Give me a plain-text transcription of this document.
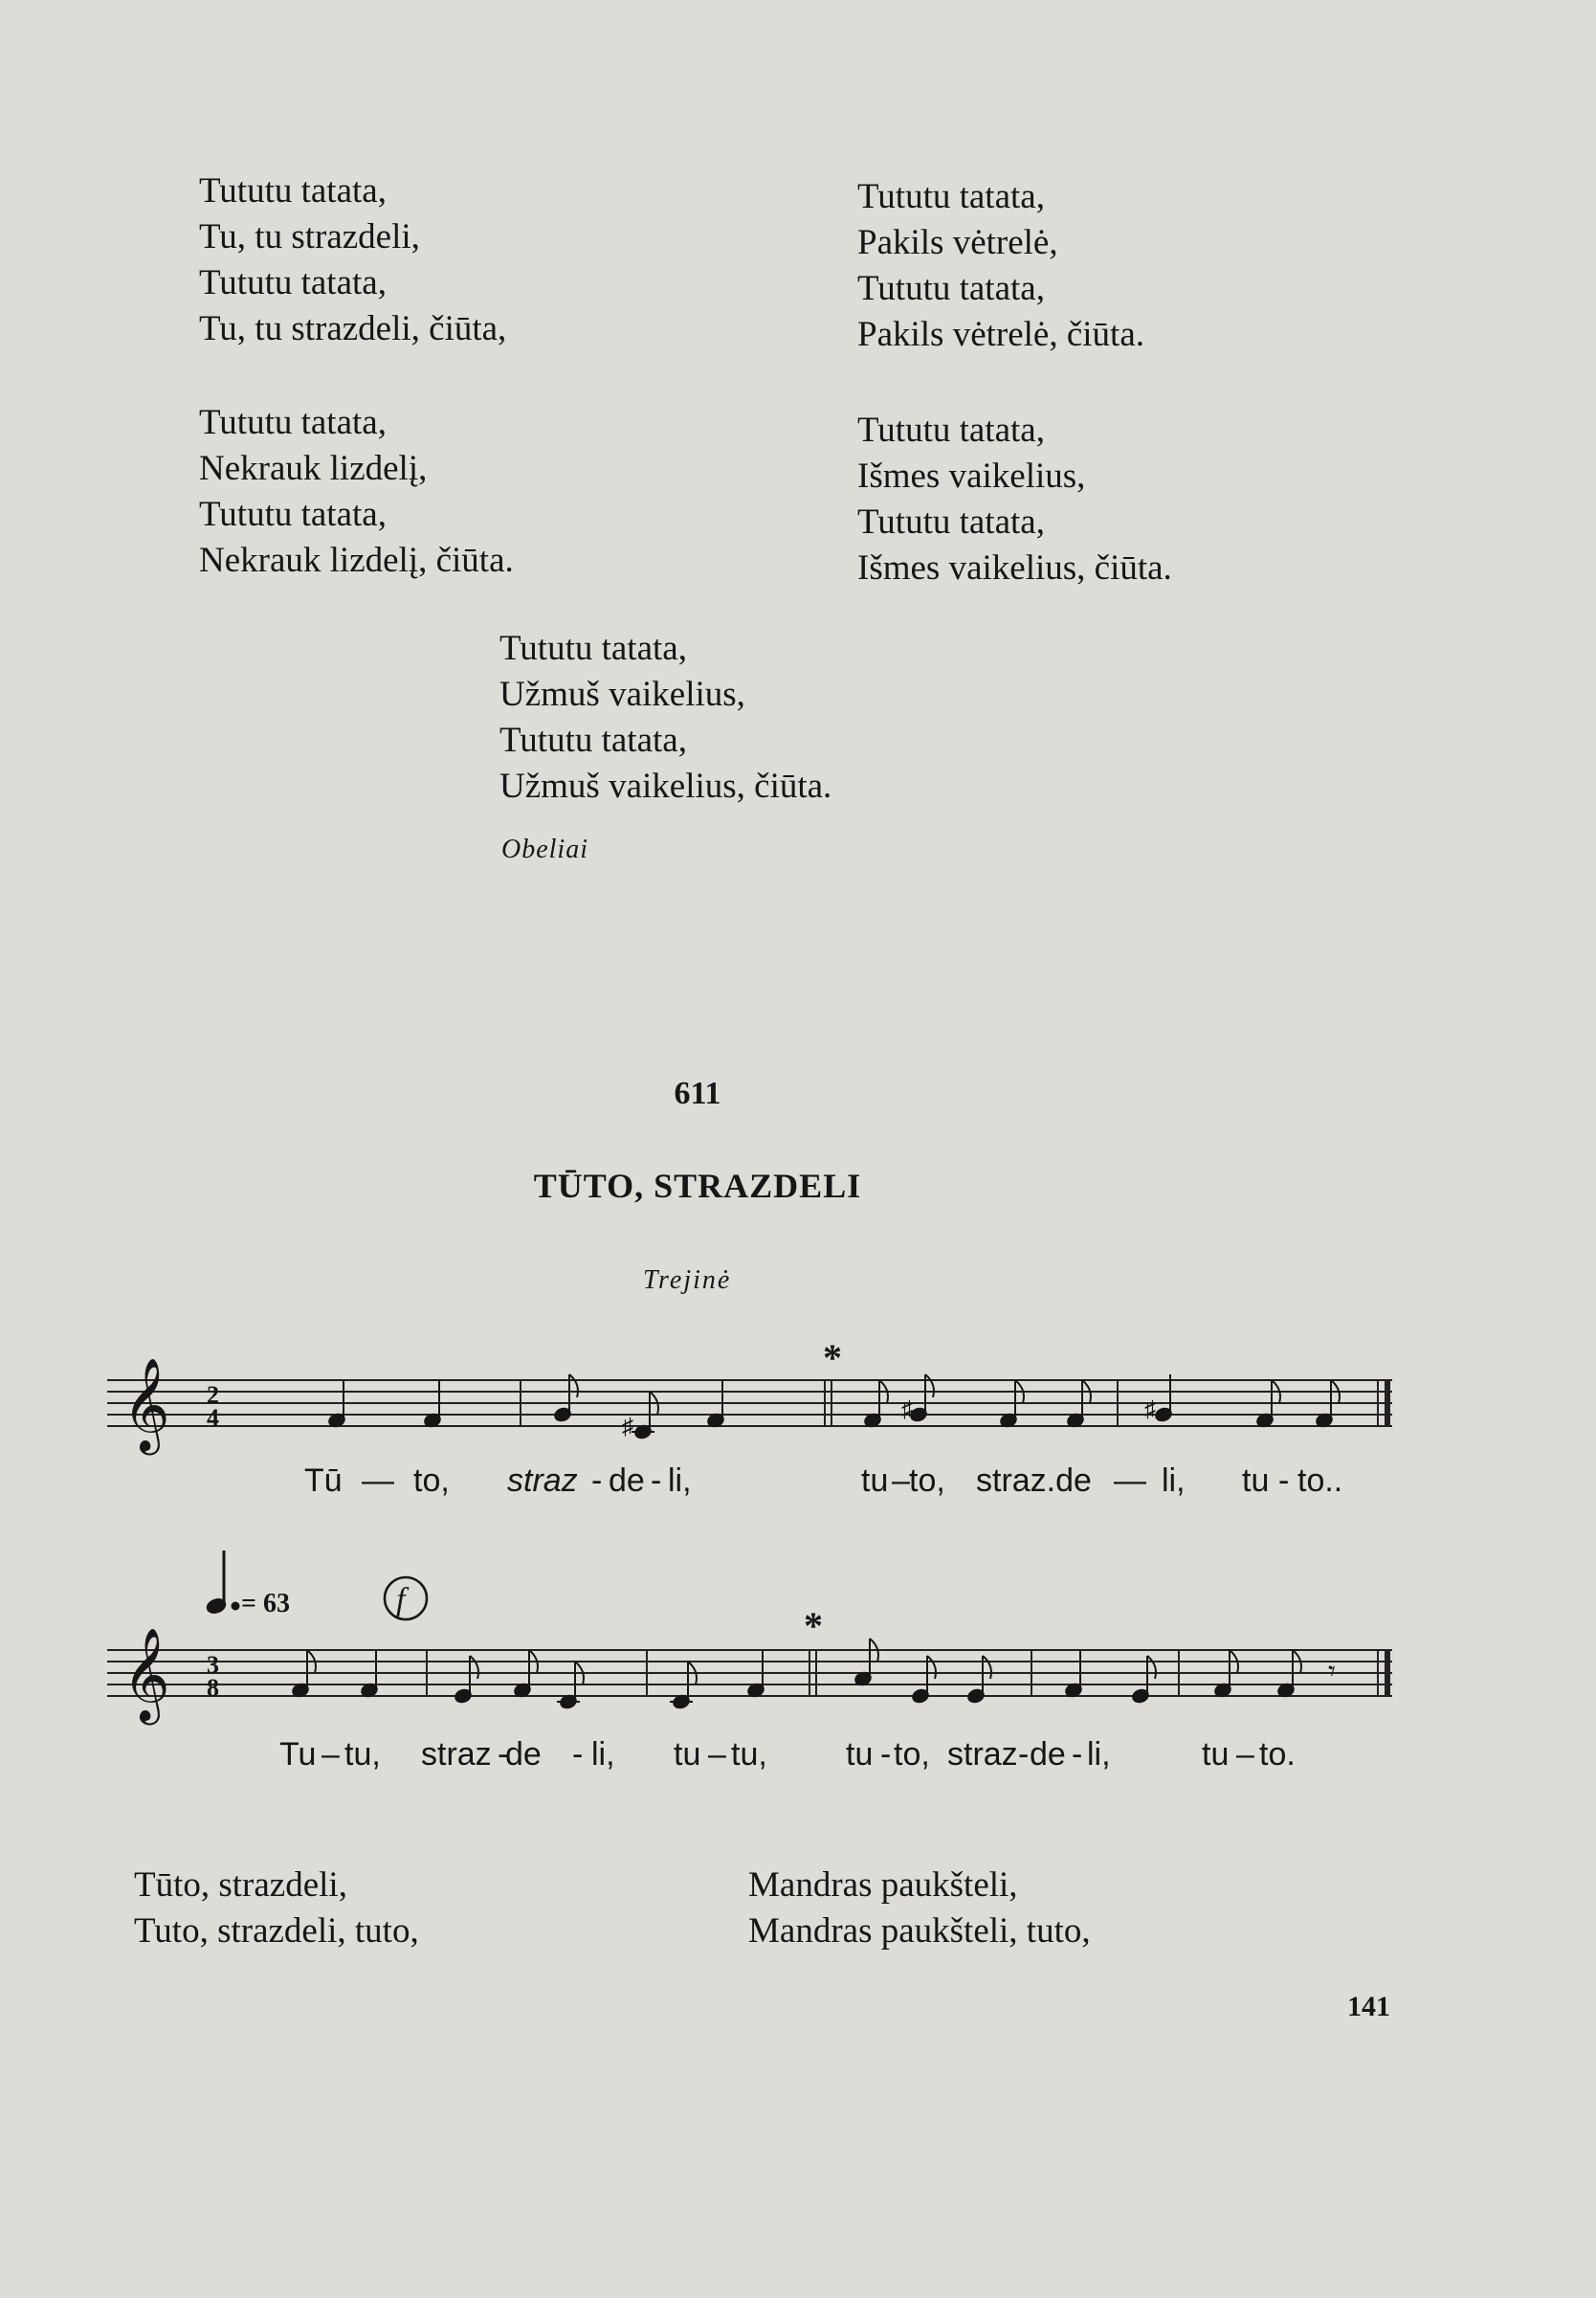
Tututu tatata,
Tu, tu strazdeli,
Tututu tatata,
Tu, tu strazdeli, čiūta,
Tututu tatata,
Pakils vėtrelė,
Tututu tatata,
Pakils vėtrelė, čiūta.
Tututu tatata,
Nekrauk lizdelį,
Tututu tatata,
Nekrauk lizdelį, čiūta.
Tututu tatata,
Išmes vaikelius,
Tututu tatata,
Išmes vaikelius, čiūta.
Tututu tatata,
Užmuš vaikelius,
Tututu tatata,
Užmuš vaikelius, čiūta.
Obeliai
611
TŪTO, STRAZDELI
Trejinė
𝄞 2
4
*
♯
♯	♯
Tū — to, straz - de - li,	tu – to, straz.de — li, tu - to..
= 63	f
𝄞 3
8
*
𝄾
Tu – tu, straz -
de - li, tu – tu, tu - to, straz - de - li,	tu – to.
Tūto, strazdeli,
Tuto, strazdeli, tuto,
Mandras paukšteli,
Mandras paukšteli, tuto,
141
